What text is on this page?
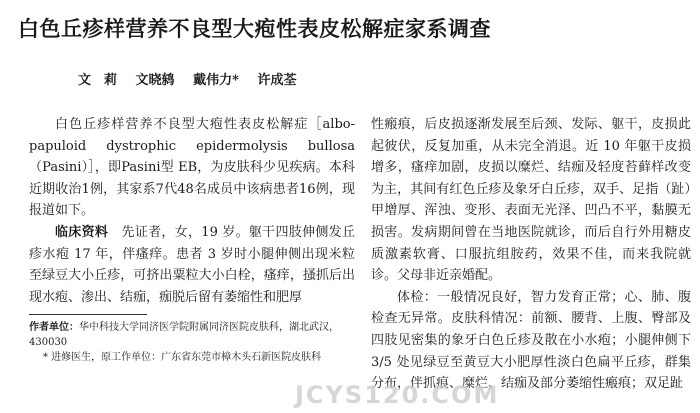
白色丘疹样营养不良型大疱性表皮松解症家系调查
文　莉 文晓鸫 戴伟力* 许成荃

白色丘疹样营养不良型大疱性表皮松解症［albo-papuloid dystrophic epidermolysis bullosa（Pasini）］，即Pasini型 EB，为皮肤科少见疾病。本科近期收治1例，其家系7代48名成员中该病患者16例，现报道如下。

临床资料　 先证者，女，19 岁。躯干四肢伸侧发丘疹水疱 17 年，伴瘙痒。患者 3 岁时小腿伸侧出现米粒至绿豆大小丘疹，可挤出粟粒大小白栓，瘙痒，搔抓后出现水疱、渗出、结痂，痂脱后留有萎缩性和肥厚

作者单位：华中科技大学同济医学院附属同济医院皮肤科，湖北武汉，430030

* 进修医生，原工作单位：广东省东莞市樟木头石新医院皮肤科

性瘢痕，后皮损逐渐发展至后颈、发际、躯干，皮损此起彼伏，反复加重，从未完全消退。近 10 年躯干皮损增多，瘙痒加剧，皮损以糜烂、结痂及轻度苔藓样改变为主，其间有红色丘疹及象牙白丘疹，双手、足指（趾）甲增厚、浑浊、变形、表面无光泽、凹凸不平，黏膜无损害。发病期间曾在当地医院就诊，而后自行外用糖皮质激素软膏、口服抗组胺药，效果不佳，而来我院就诊。父母非近亲婚配。

体检：一般情况良好，智力发育正常；心、肺、腹检查无异常。皮肤科情况：前额、腰背、上腹、臀部及四肢见密集的象牙白色丘疹及散在小水疱；小腿伸侧下 3/5 处见绿豆至黄豆大小肥厚性淡白色扁平丘疹，群集分布，伴抓痕、糜烂、结痂及部分萎缩性瘢痕；双足趾

JCYS120.COM
